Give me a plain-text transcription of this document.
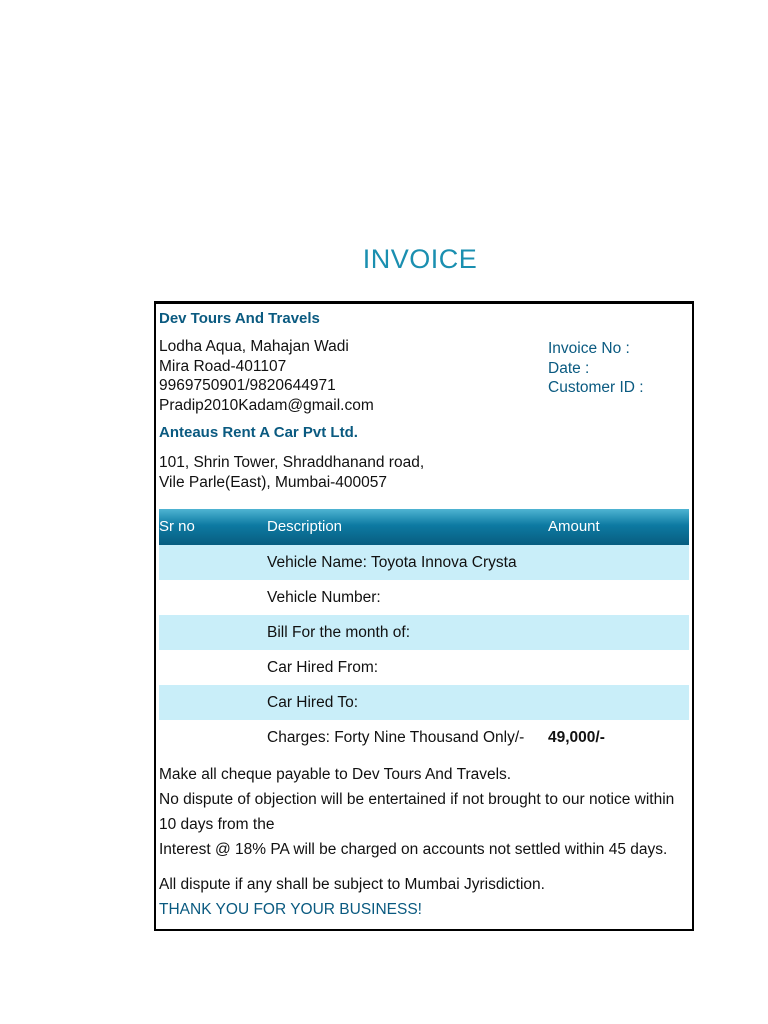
INVOICE
Dev Tours And Travels
Lodha Aqua, Mahajan Wadi
Mira Road-401107
9969750901/9820644971
Pradip2010Kadam@gmail.com
Invoice No :
Date :
Customer ID :
Anteaus Rent A Car Pvt Ltd.
101, Shrin Tower, Shraddhanand road,
Vile Parle(East), Mumbai-400057
Sr no	Description	Amount
Vehicle Name: Toyota Innova Crysta
Vehicle Number:
Bill For the month of:
Car Hired From:
Car Hired To:
Charges: Forty Nine Thousand Only/- 49,000/-

Make all cheque payable to Dev Tours And Travels.

No dispute of objection will be entertained if not brought to our notice within 10 days from the

Interest @ 18% PA will be charged on accounts not settled within 45 days.

All dispute if any shall be subject to Mumbai Jyrisdiction.

THANK YOU FOR YOUR BUSINESS!
